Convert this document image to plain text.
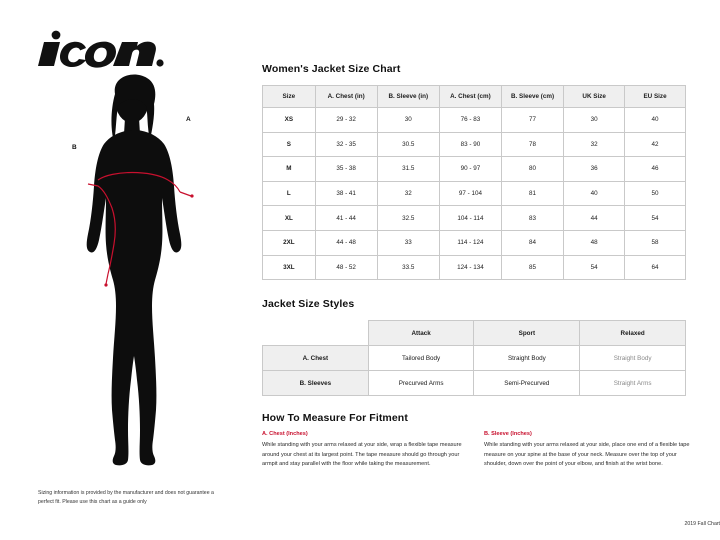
A
B
Sizing information is provided by the manufacturer and does not guarantee a perfect fit. Please use this chart as a guide only
Women's Jacket Size Chart
Size	A. Chest (in)	B. Sleeve (in)	A. Chest (cm)	B. Sleeve (cm)	UK Size	EU Size
XS	29 - 32	30	76 - 83	77	30	40
S	32 - 35	30.5	83 - 90	78	32	42
M	35 - 38	31.5	90 - 97	80	36	46
L	38 - 41	32	97 - 104	81	40	50
XL	41 - 44	32.5	104 - 114	83	44	54
2XL	44 - 48	33	114 - 124	84	48	58
3XL	48 - 52	33.5	124 - 134	85	54	64
Jacket Size Styles
	Attack	Sport	Relaxed
A. Chest	Tailored Body	Straight Body	Straight Body
B. Sleeves	Precurved Arms	Semi-Precurved	Straight Arms
How To Measure For Fitment
A. Chest (Inches)
While standing with your arms relaxed at your side, wrap a flexible tape measure around your chest at its largest point. The tape measure should go through your armpit and stay parallel with the floor while taking the measurement.
B. Sleeve (Inches)
While standing with your arms relaxed at your side, place one end of a flexible tape measure on your spine at the base of your neck. Measure over the top of your shoulder, down over the point of your elbow, and finish at the wrist bone.
2019 Fall Chart
